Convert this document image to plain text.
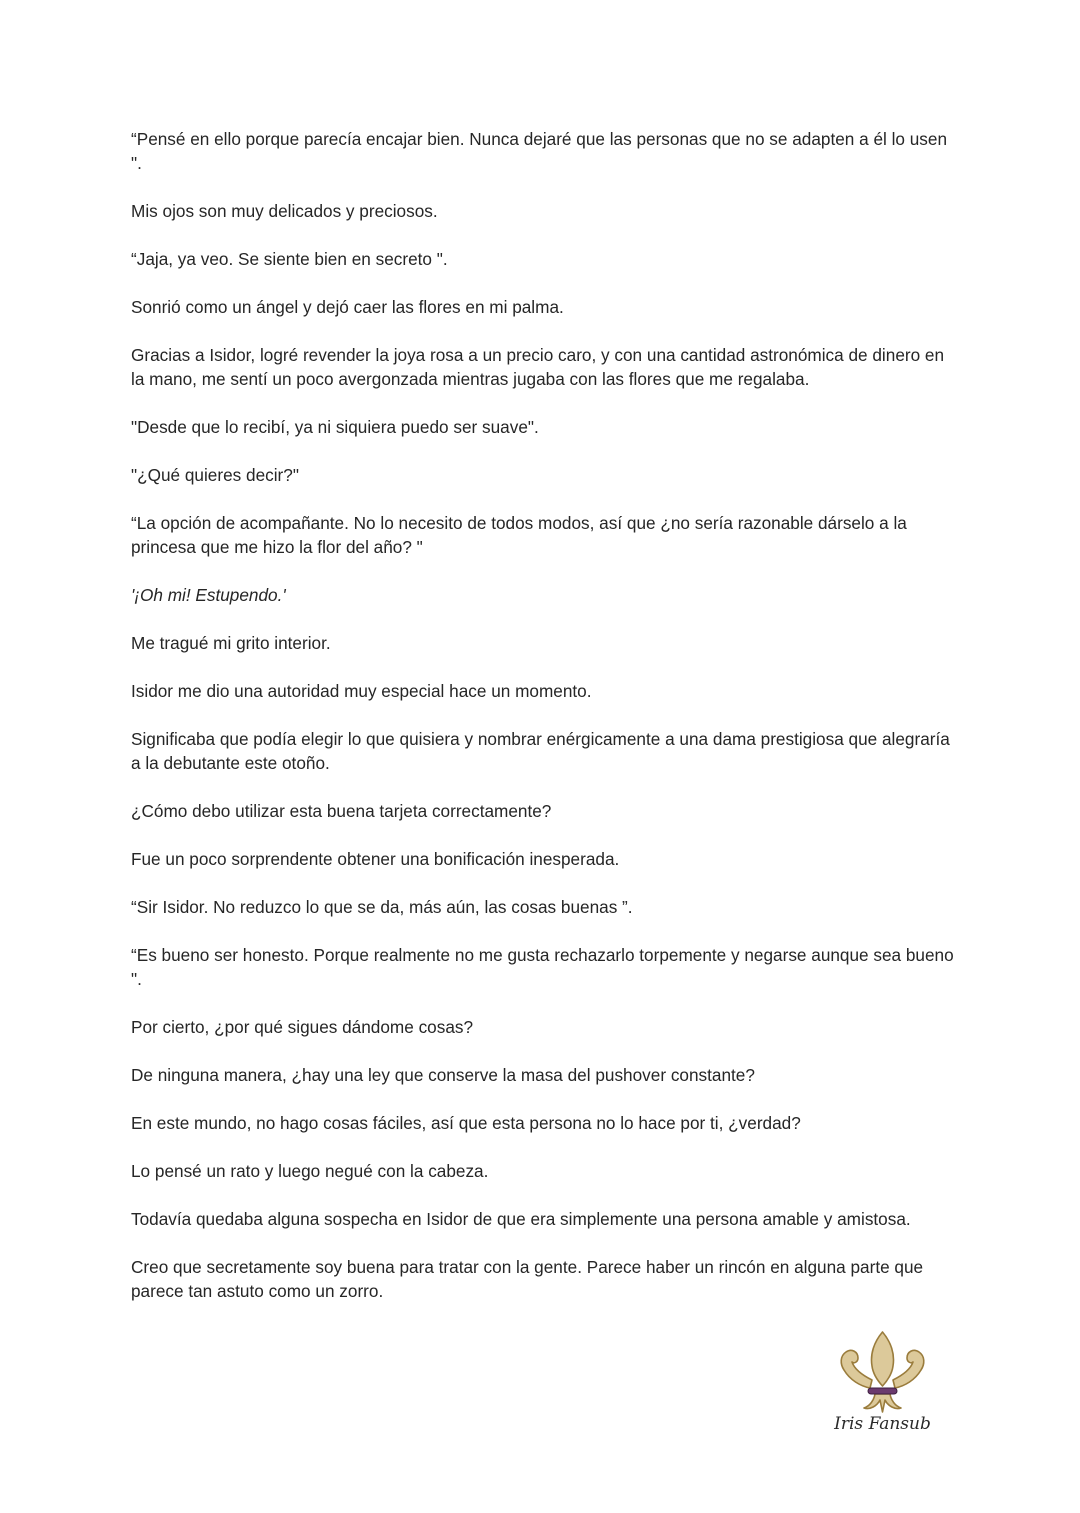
“Pensé en ello porque parecía encajar bien. Nunca dejaré que las personas que no se adapten a él lo usen ".

Mis ojos son muy delicados y preciosos.

“Jaja, ya veo. Se siente bien en secreto ".

Sonrió como un ángel y dejó caer las flores en mi palma.

Gracias a Isidor, logré revender la joya rosa a un precio caro, y con una cantidad astronómica de dinero en la mano, me sentí un poco avergonzada mientras jugaba con las flores que me regalaba.

"Desde que lo recibí, ya ni siquiera puedo ser suave".

"¿Qué quieres decir?"

“La opción de acompañante. No lo necesito de todos modos, así que ¿no sería razonable dárselo a la princesa que me hizo la flor del año? "

'¡Oh mi! Estupendo.'

Me tragué mi grito interior.

Isidor me dio una autoridad muy especial hace un momento.

Significaba que podía elegir lo que quisiera y nombrar enérgicamente a una dama prestigiosa que alegraría a la debutante este otoño.

¿Cómo debo utilizar esta buena tarjeta correctamente?

Fue un poco sorprendente obtener una bonificación inesperada.

“Sir Isidor. No reduzco lo que se da, más aún, las cosas buenas ”.

“Es bueno ser honesto. Porque realmente no me gusta rechazarlo torpemente y negarse aunque sea bueno ".

Por cierto, ¿por qué sigues dándome cosas?

De ninguna manera, ¿hay una ley que conserve la masa del pushover constante?

En este mundo, no hago cosas fáciles, así que esta persona no lo hace por ti, ¿verdad?

Lo pensé un rato y luego negué con la cabeza.

Todavía quedaba alguna sospecha en Isidor de que era simplemente una persona amable y amistosa.

Creo que secretamente soy buena para tratar con la gente. Parece haber un rincón en alguna parte que parece tan astuto como un zorro.

Iris Fansub
